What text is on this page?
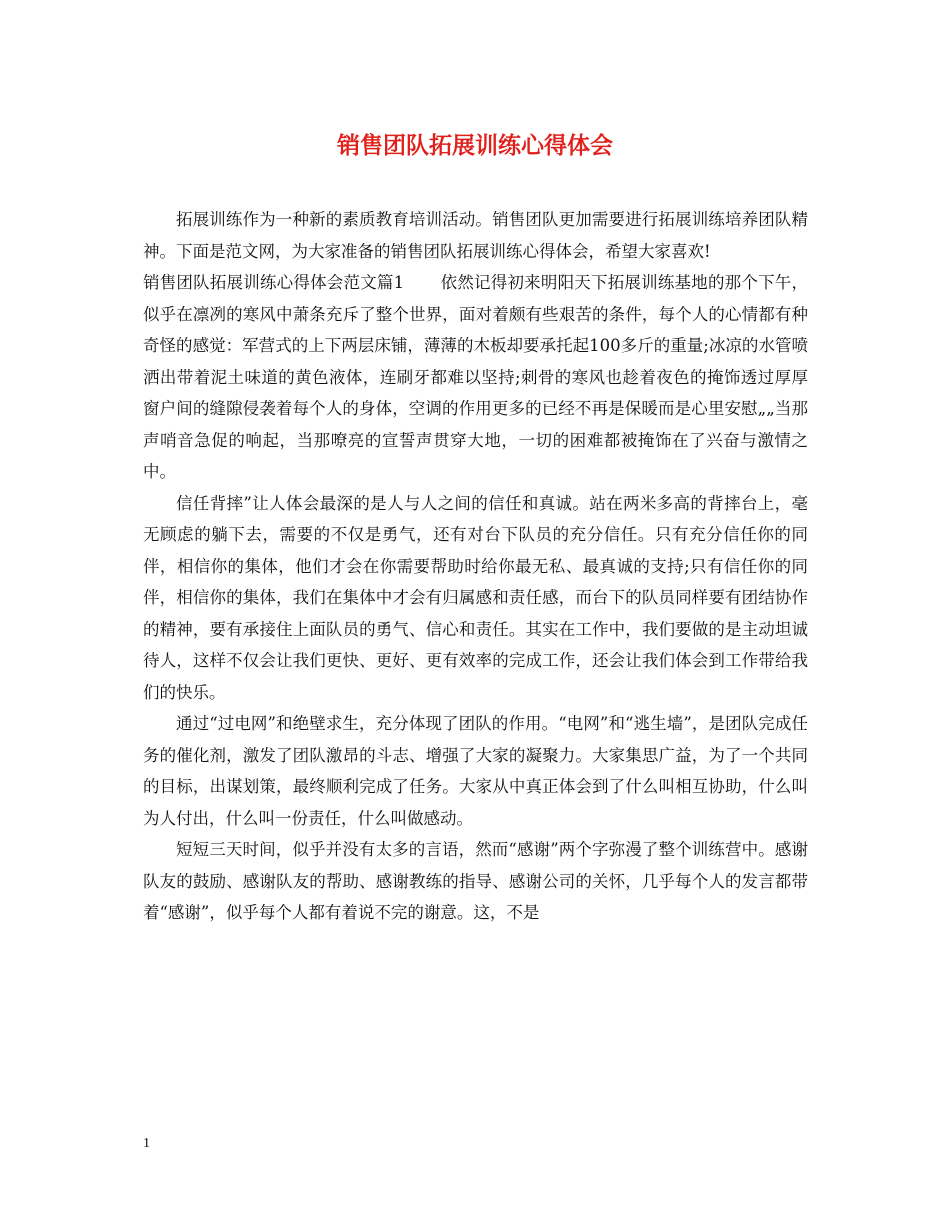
销售团队拓展训练心得体会

拓展训练作为一种新的素质教育培训活动。销售团队更加需要进行拓展训练培养团队精神。下面是范文网，为大家准备的销售团队拓展训练心得体会，希望大家喜欢!

销售团队拓展训练心得体会范文篇1 依然记得初来明阳天下拓展训练基地的那个下午，似乎在凛冽的寒风中萧条充斥了整个世界，面对着颇有些艰苦的条件，每个人的心情都有种奇怪的感觉：军营式的上下两层床铺，薄薄的木板却要承托起100多斤的重量;冰凉的水管喷洒出带着泥土味道的黄色液体，连刷牙都难以坚持;刺骨的寒风也趁着夜色的掩饰透过厚厚窗户间的缝隙侵袭着每个人的身体，空调的作用更多的已经不再是保暖而是心里安慰„„当那声哨音急促的响起，当那嘹亮的宣誓声贯穿大地，一切的困难都被掩饰在了兴奋与激情之中。

信任背摔”让人体会最深的是人与人之间的信任和真诚。站在两米多高的背摔台上，毫无顾虑的躺下去，需要的不仅是勇气，还有对台下队员的充分信任。只有充分信任你的同伴，相信你的集体，他们才会在你需要帮助时给你最无私、最真诚的支持;只有信任你的同伴，相信你的集体，我们在集体中才会有归属感和责任感，而台下的队员同样要有团结协作的精神，要有承接住上面队员的勇气、信心和责任。其实在工作中，我们要做的是主动坦诚待人，这样不仅会让我们更快、更好、更有效率的完成工作，还会让我们体会到工作带给我们的快乐。

通过“过电网”和绝壁求生，充分体现了团队的作用。“电网”和“逃生墙”，是团队完成任务的催化剂，激发了团队激昂的斗志、增强了大家的凝聚力。大家集思广益，为了一个共同的目标，出谋划策，最终顺利完成了任务。大家从中真正体会到了什么叫相互协助，什么叫为人付出，什么叫一份责任，什么叫做感动。

短短三天时间，似乎并没有太多的言语，然而“感谢”两个字弥漫了整个训练营中。感谢队友的鼓励、感谢队友的帮助、感谢教练的指导、感谢公司的关怀，几乎每个人的发言都带着“感谢”，似乎每个人都有着说不完的谢意。这，不是

1
